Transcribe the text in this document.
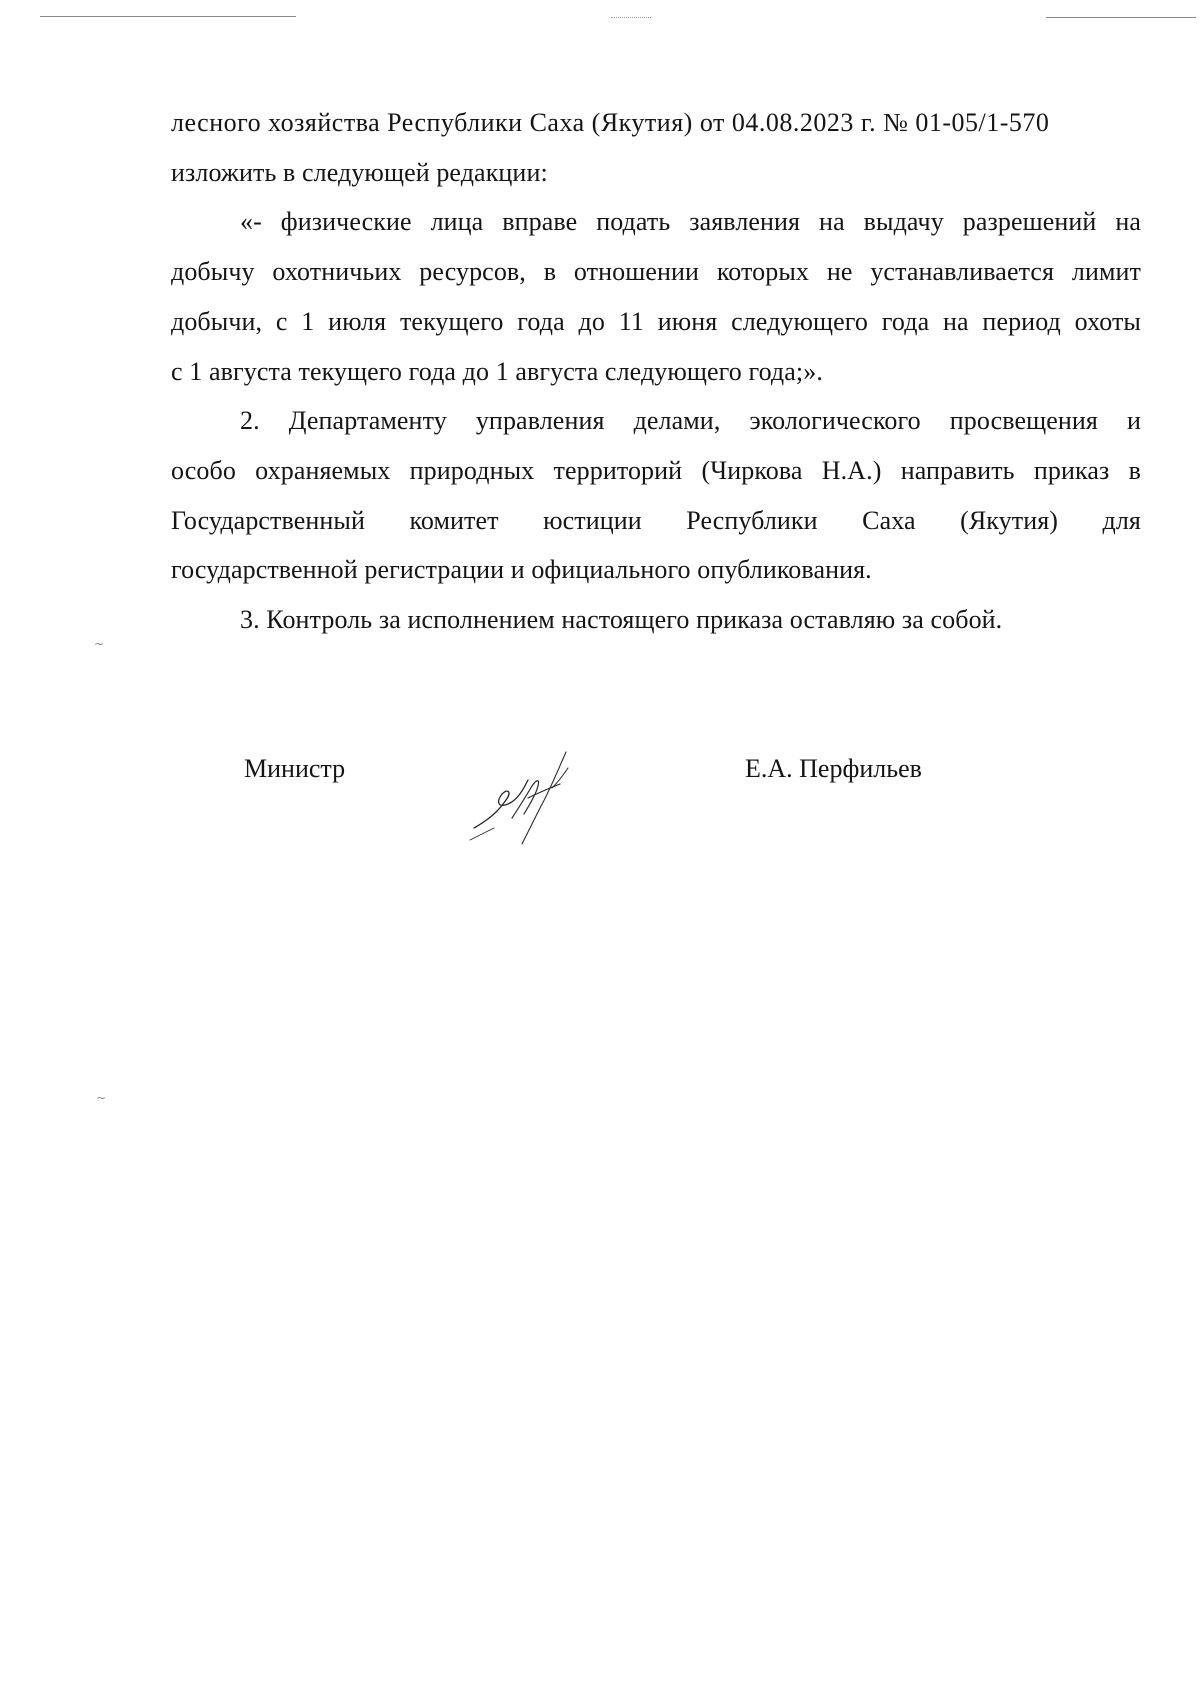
~
~

лесного хозяйства Республики Саха (Якутия) от 04.08.2023 г. № 01-05/1-570

изложить в следующей редакции:

«- физические лица вправе подать заявления на выдачу разрешений на

добычу охотничьих ресурсов, в отношении которых не устанавливается лимит

добычи, с 1 июля текущего года до 11 июня следующего года на период охоты

с 1 августа текущего года до 1 августа следующего года;».

2. Департаменту управления делами, экологического просвещения и

особо охраняемых природных территорий (Чиркова Н.А.) направить приказ в

Государственный комитет юстиции Республики Саха (Якутия) для

государственной регистрации и официального опубликования.

3. Контроль за исполнением настоящего приказа оставляю за собой.

Министр	Е.А. Перфильев
